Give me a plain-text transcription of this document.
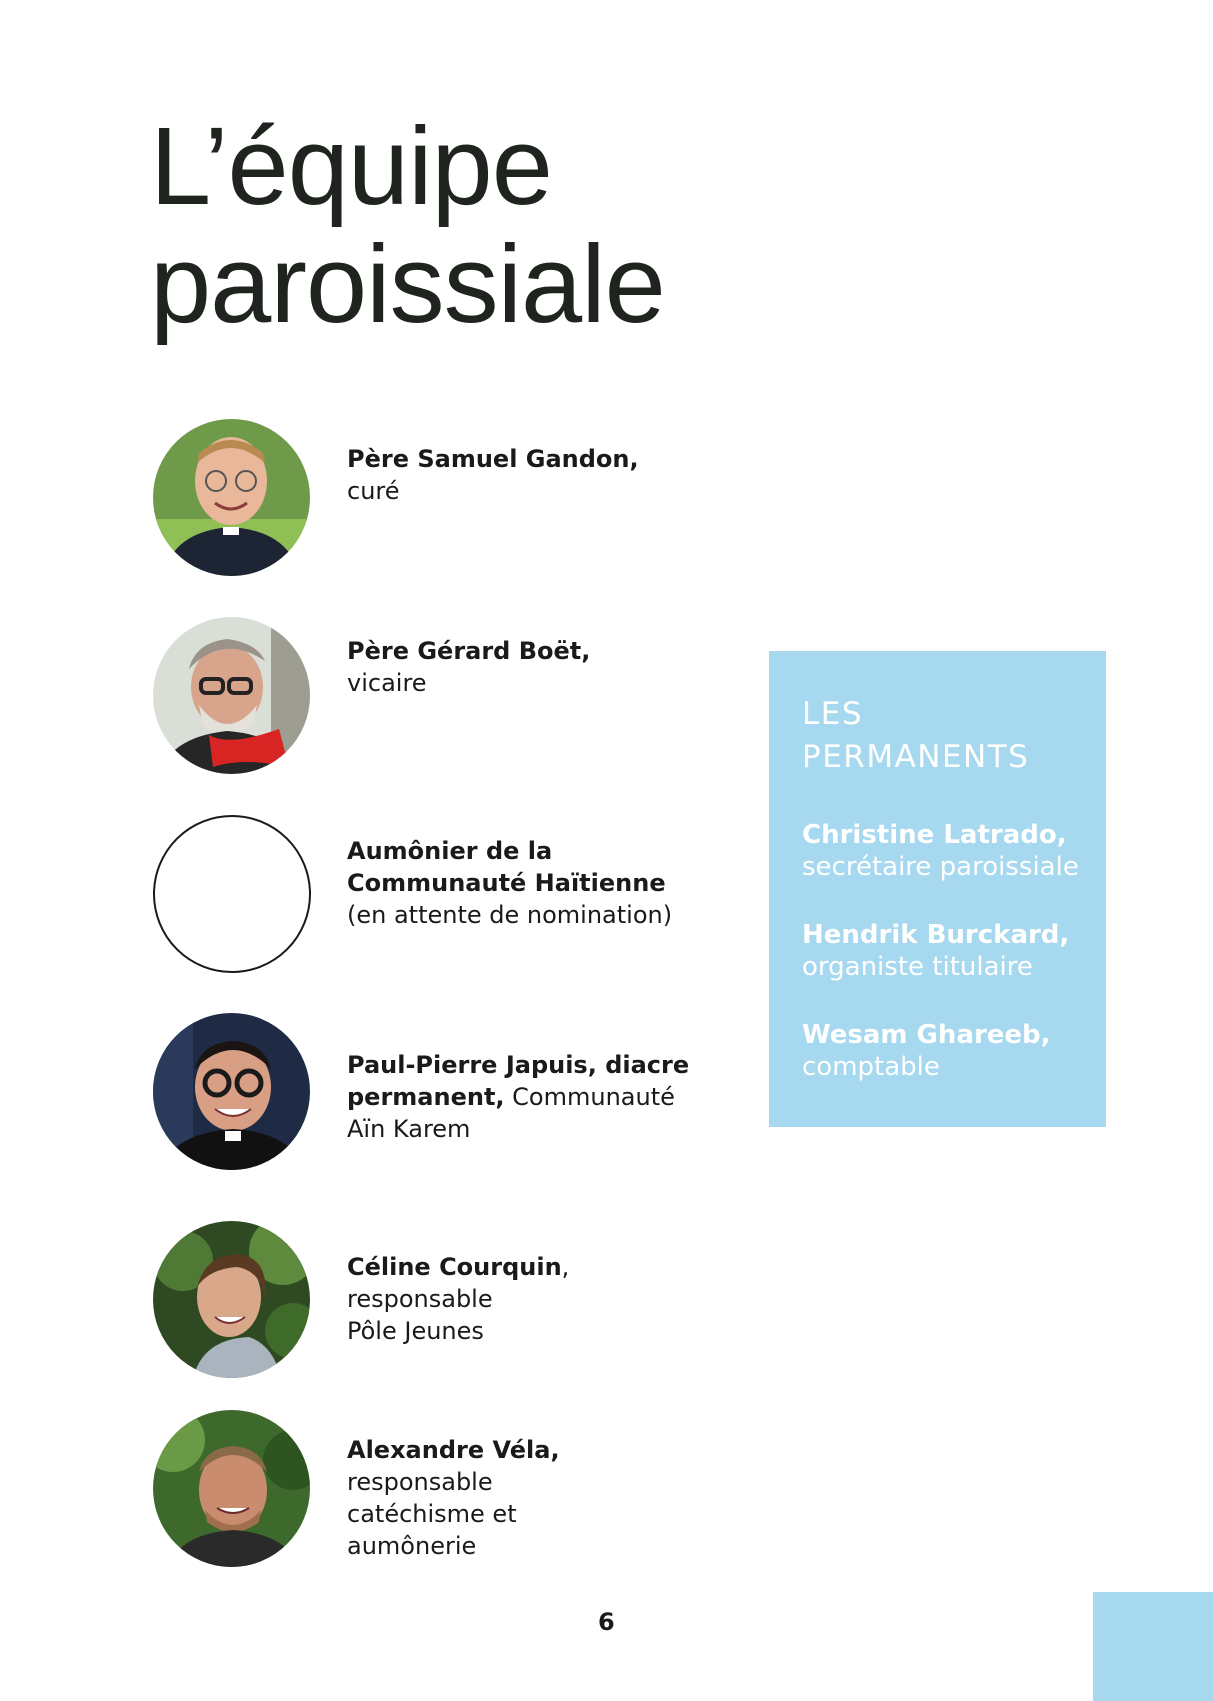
L’équipe
paroissiale
Père Samuel Gandon,
curé
Père Gérard Boët,
vicaire
Aumônier de la
Communauté Haïtienne
(en attente de nomination)
Paul-Pierre Japuis, diacre
permanent, Communauté
Aïn Karem
Céline Courquin,
responsable
Pôle Jeunes
Alexandre Véla,
responsable
catéchisme et
aumônerie
LES
PERMANENTS
Christine Latrado,
secrétaire paroissiale
Hendrik Burckard,
organiste titulaire
Wesam Ghareeb,
comptable
6
